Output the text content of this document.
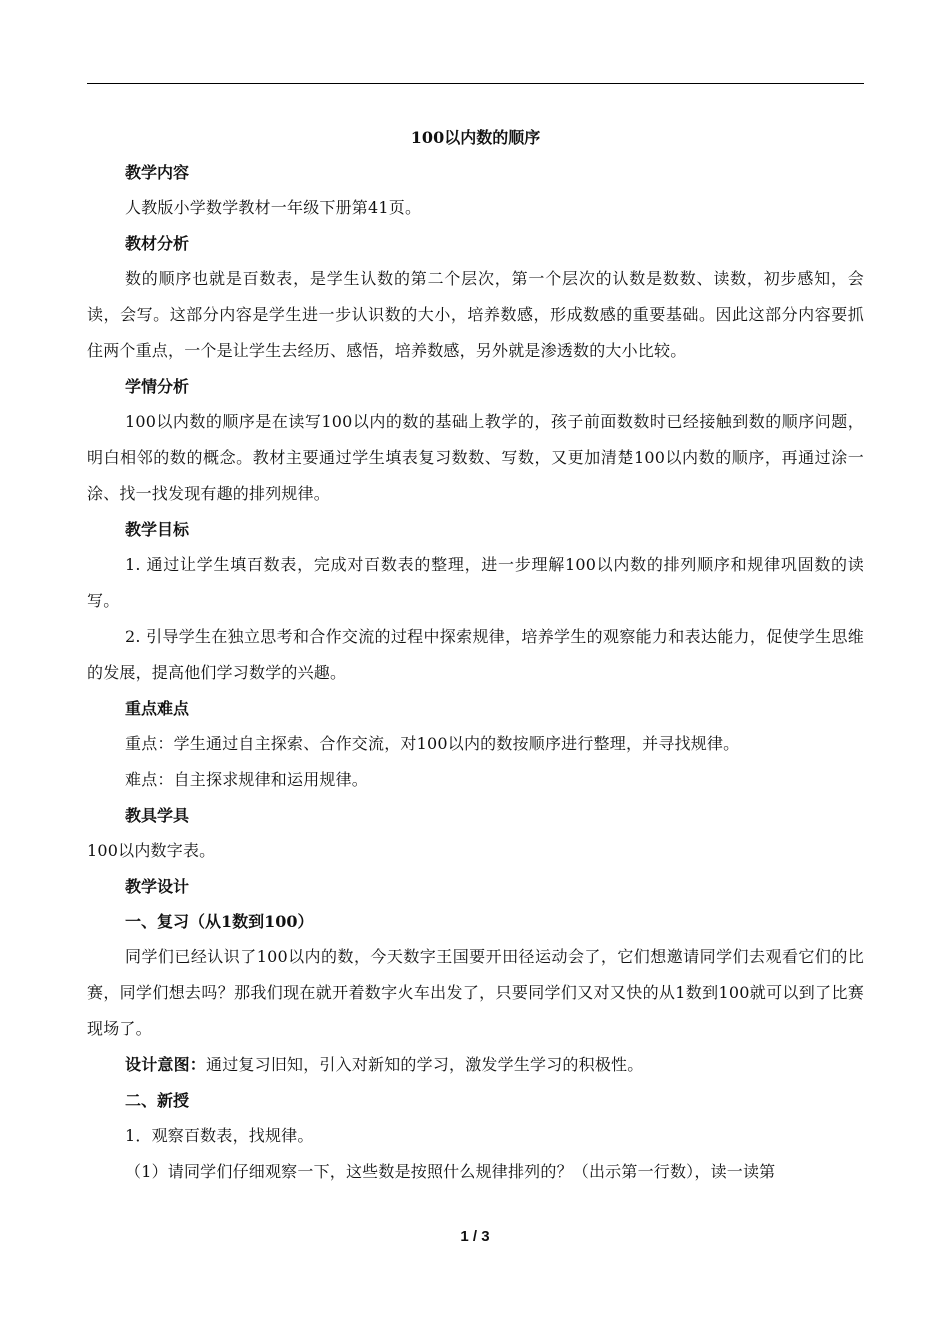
100以内数的顺序

教学内容

人教版小学数学教材一年级下册第41页。

教材分析

数的顺序也就是百数表，是学生认数的第二个层次，第一个层次的认数是数数、读数，初步感知，会读，会写。这部分内容是学生进一步认识数的大小，培养数感，形成数感的重要基础。因此这部分内容要抓住两个重点，一个是让学生去经历、感悟，培养数感，另外就是渗透数的大小比较。

学情分析

100以内数的顺序是在读写100以内的数的基础上教学的，孩子前面数数时已经接触到数的顺序问题，明白相邻的数的概念。教材主要通过学生填表复习数数、写数，又更加清楚100以内数的顺序，再通过涂一涂、找一找发现有趣的排列规律。

教学目标

1. 通过让学生填百数表，完成对百数表的整理，进一步理解100以内数的排列顺序和规律巩固数的读写。

2. 引导学生在独立思考和合作交流的过程中探索规律，培养学生的观察能力和表达能力，促使学生思维的发展，提高他们学习数学的兴趣。

重点难点

重点：学生通过自主探索、合作交流，对100以内的数按顺序进行整理，并寻找规律。

难点：自主探求规律和运用规律。

教具学具

100以内数字表。

教学设计

一、复习（从1数到100）

同学们已经认识了100以内的数，今天数字王国要开田径运动会了，它们想邀请同学们去观看它们的比赛，同学们想去吗？那我们现在就开着数字火车出发了，只要同学们又对又快的从1数到100就可以到了比赛现场了。

设计意图：通过复习旧知，引入对新知的学习，激发学生学习的积极性。

二、新授

1．观察百数表，找规律。

（1）请同学们仔细观察一下，这些数是按照什么规律排列的？（出示第一行数），读一读第

1 / 3
